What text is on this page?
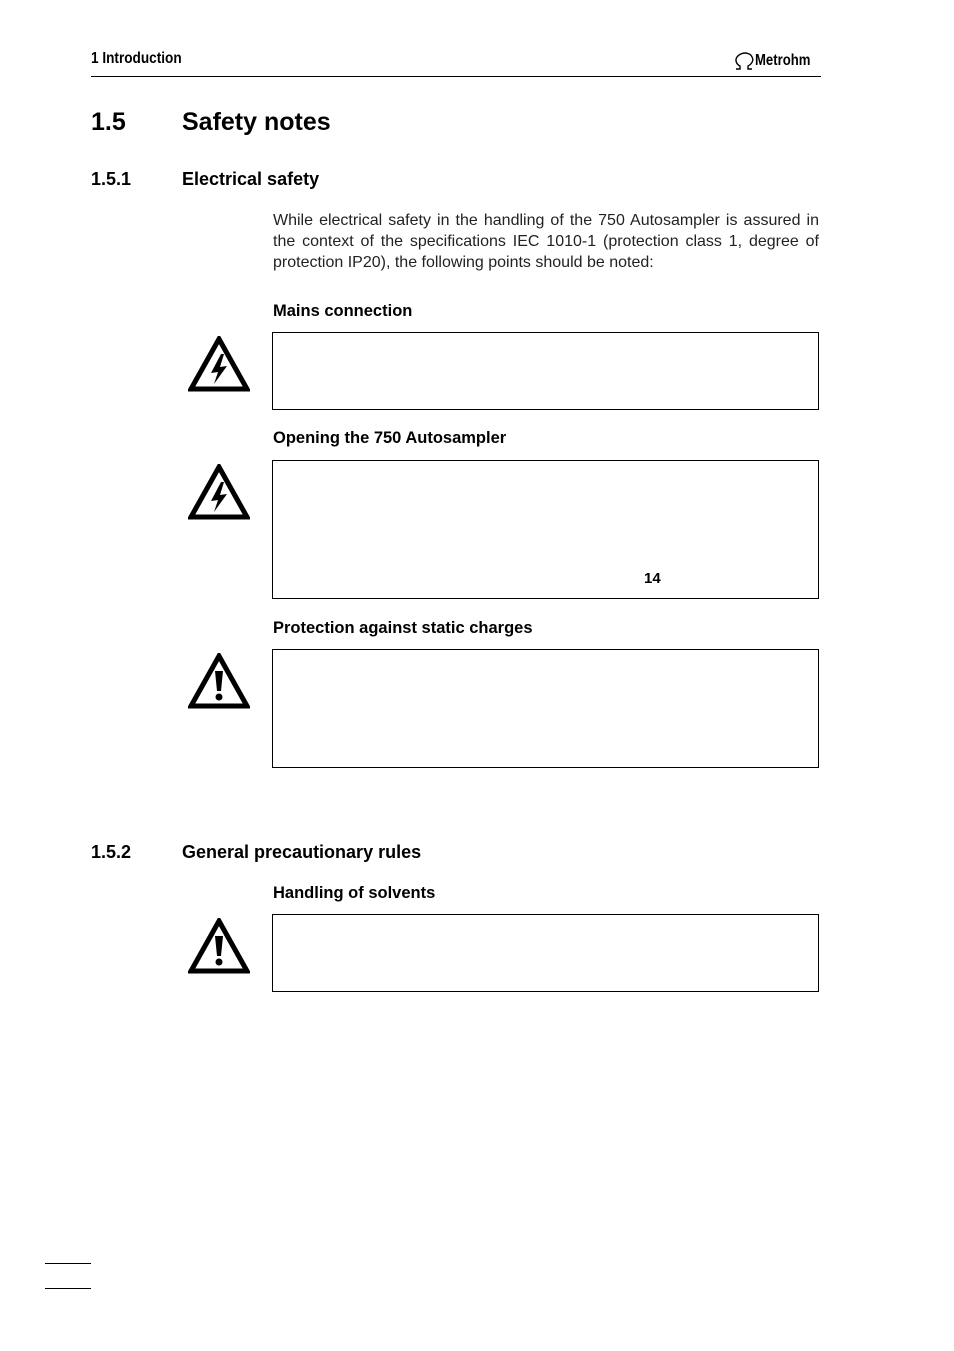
1 Introduction	Metrohm
1.5 Safety notes
1.5.1	Electrical safety
While electrical safety in the handling of the 750 Autosampler is assured in the context of the specifications IEC 1010-1 (protection class 1, degree of protection IP20), the following points should be noted:
Mains connection
Opening the 750 Autosampler
14
Protection against static charges
1.5.2	General precautionary rules
Handling of solvents
